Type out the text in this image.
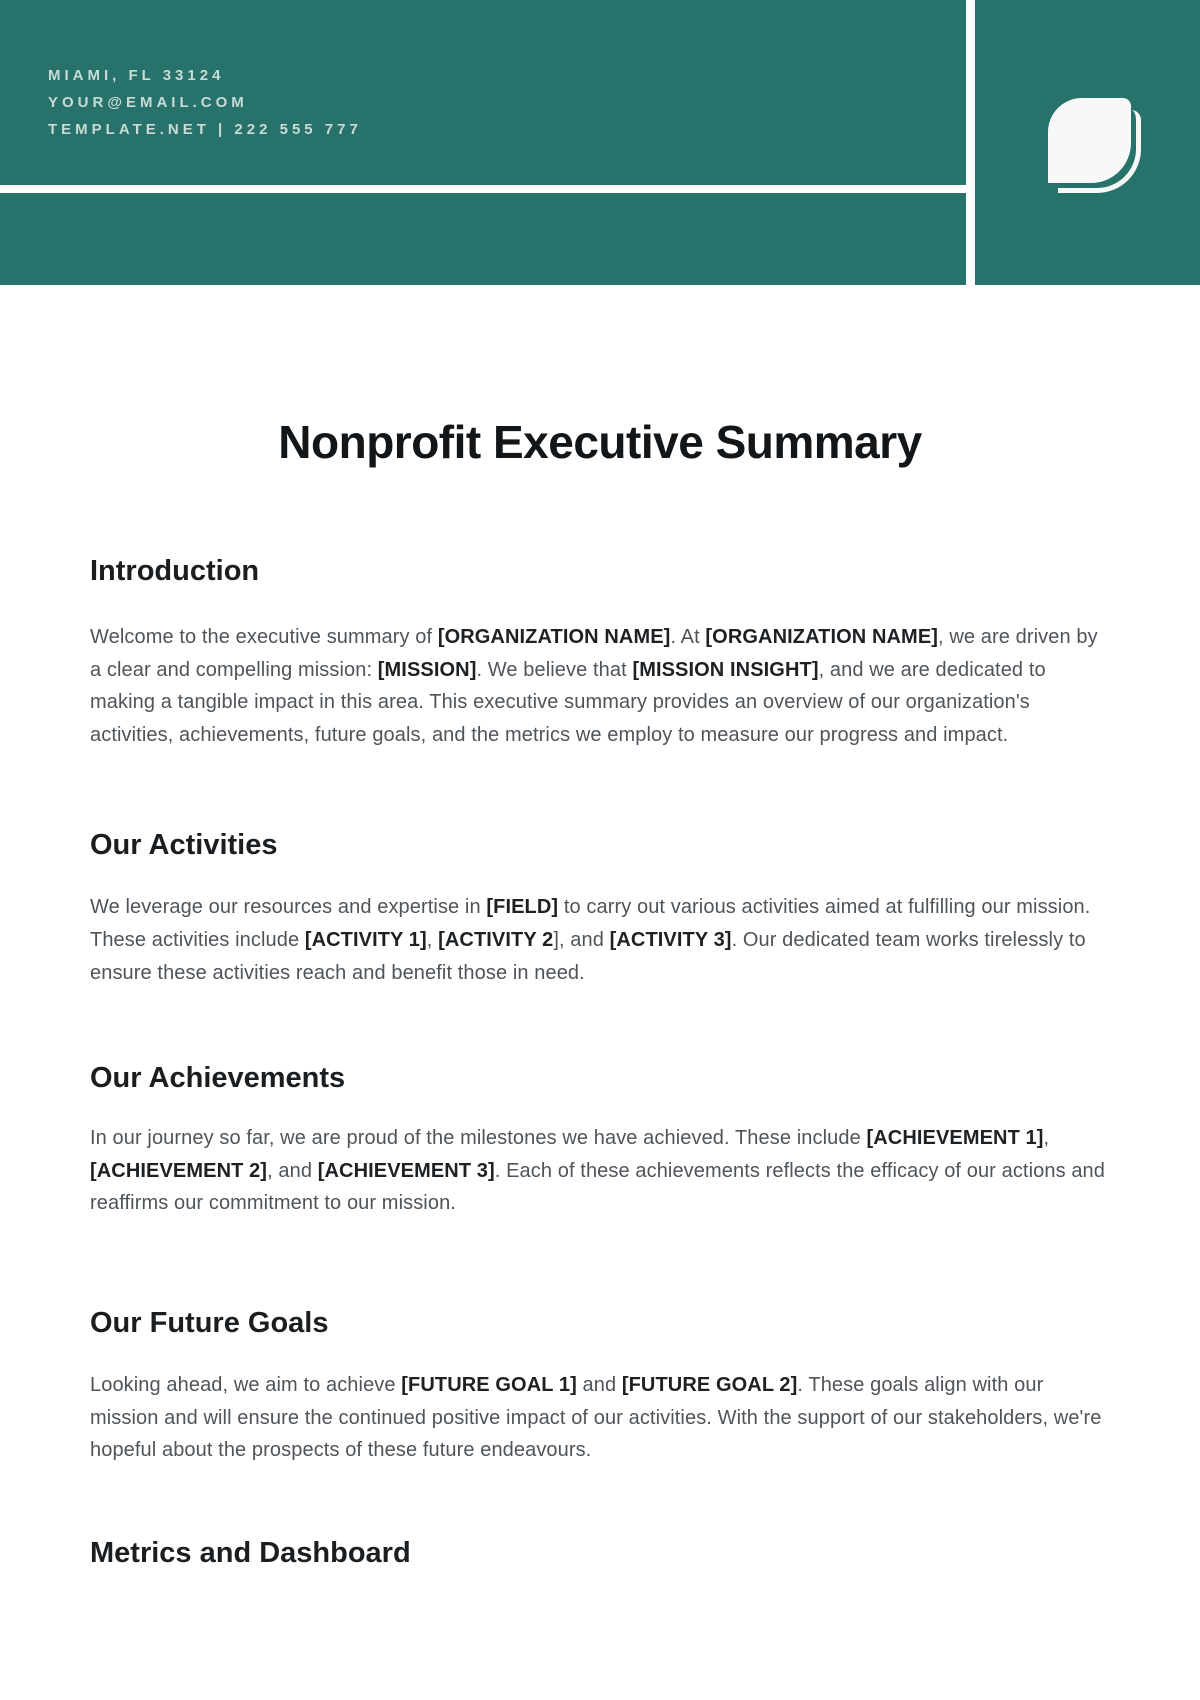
MIAMI, FL 33124
YOUR@EMAIL.COM
TEMPLATE.NET | 222 555 777
Nonprofit Executive Summary
Introduction

Welcome to the executive summary of [ORGANIZATION NAME]. At [ORGANIZATION NAME], we are driven by a clear and compelling mission: [MISSION]. We believe that [MISSION INSIGHT], and we are dedicated to making a tangible impact in this area. This executive summary provides an overview of our organization's activities, achievements, future goals, and the metrics we employ to measure our progress and impact.

Our Activities

We leverage our resources and expertise in [FIELD] to carry out various activities aimed at fulfilling our mission. These activities include [ACTIVITY 1], [ACTIVITY 2], and [ACTIVITY 3]. Our dedicated team works tirelessly to ensure these activities reach and benefit those in need.

Our Achievements

In our journey so far, we are proud of the milestones we have achieved. These include [ACHIEVEMENT 1], [ACHIEVEMENT 2], and [ACHIEVEMENT 3]. Each of these achievements reflects the efficacy of our actions and reaffirms our commitment to our mission.

Our Future Goals

Looking ahead, we aim to achieve [FUTURE GOAL 1] and [FUTURE GOAL 2]. These goals align with our mission and will ensure the continued positive impact of our activities. With the support of our stakeholders, we're hopeful about the prospects of these future endeavours.

Metrics and Dashboard
